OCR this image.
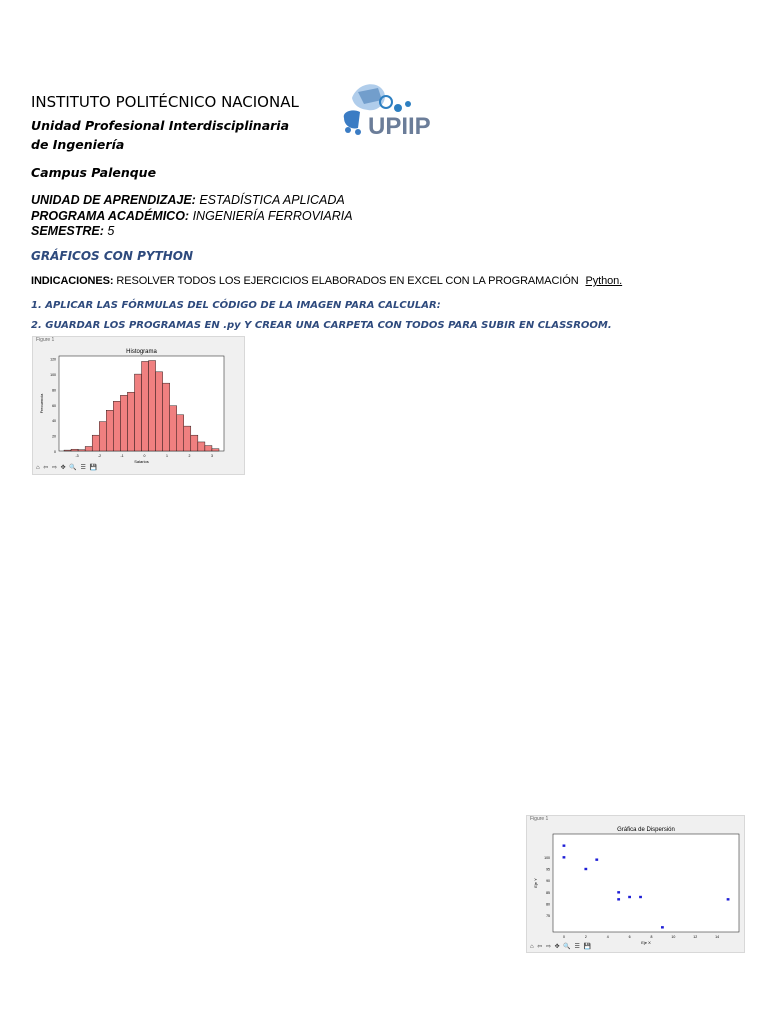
INSTITUTO POLITÉCNICO NACIONAL
Unidad Profesional Interdisciplinaria de Ingeniería
Campus Palenque
UPIIP
UNIDAD DE APRENDIZAJE: ESTADÍSTICA APLICADA
PROGRAMA ACADÉMICO: INGENIERÍA FERROVIARIA
SEMESTRE: 5
GRÁFICOS CON PYTHON
INDICACIONES: RESOLVER TODOS LOS EJERCICIOS ELABORADOS EN EXCEL CON LA PROGRAMACIÓN Python.
1. APLICAR LAS FÓRMULAS DEL CÓDIGO DE LA IMAGEN PARA CALCULAR:
2. GUARDAR LOS PROGRAMAS EN .py Y CREAR UNA CARPETA CON TODOS PARA SUBIR EN CLASSROOM.
Figure 1
Histograma
0
20
40
60
80
100
120
-3	-2	-1	0	1	2	3
Salarios
Frecuencia
⌂ ⇦ ⇨ ✥ 🔍 ☰ 💾
Figure 1
Gráfica de Dispersión
0	2	4	6	8	10	12	14
75
80
85
90
95
100
Eje X
Eje Y
⌂ ⇦ ⇨ ✥ 🔍 ☰ 💾
